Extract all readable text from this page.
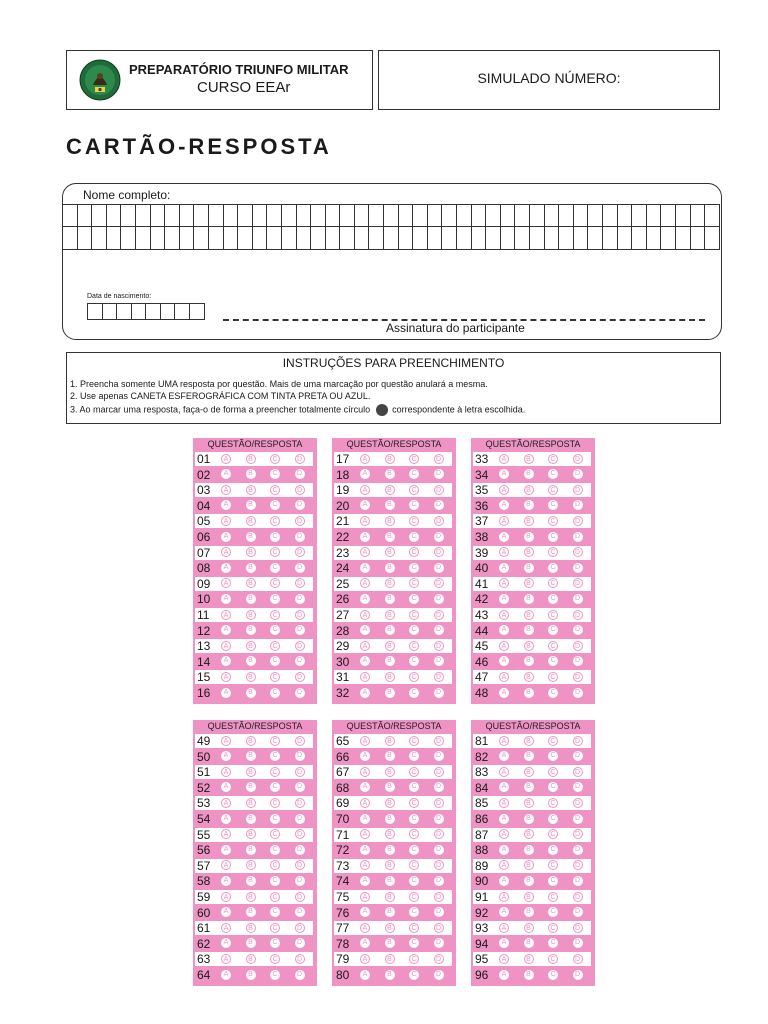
PREPARATÓRIO TRIUNFO MILITAR
CURSO EEAr
SIMULADO NÚMERO:
CARTÃO-RESPOSTA
Nome completo:
Data de nascimento:
Assinatura do participante
INSTRUÇÕES PARA PREENCHIMENTO
1. Preencha somente UMA resposta por questão. Mais de uma marcação por questão anulará a mesma.
2. Use apenas CANETA ESFEROGRÁFICA COM TINTA PRETA OU AZUL.
3. Ao marcar uma resposta, faça-o de forma a preencher totalmente círculo correspondente à letra escolhida.
QUESTÃO/RESPOSTA
01	A	B	C	D
02	A	B	C	D
03	A	B	C	D
04	A	B	C	D
05	A	B	C	D
06	A	B	C	D
07	A	B	C	D
08	A	B	C	D
09	A	B	C	D
10	A	B	C	D
11	A	B	C	D
12	A	B	C	D
13	A	B	C	D
14	A	B	C	D
15	A	B	C	D
16	A	B	C	D
QUESTÃO/RESPOSTA
17	A	B	C	D
18	A	B	C	D
19	A	B	C	D
20	A	B	C	D
21	A	B	C	D
22	A	B	C	D
23	A	B	C	D
24	A	B	C	D
25	A	B	C	D
26	A	B	C	D
27	A	B	C	D
28	A	B	C	D
29	A	B	C	D
30	A	B	C	D
31	A	B	C	D
32	A	B	C	D
QUESTÃO/RESPOSTA
33	A	B	C	D
34	A	B	C	D
35	A	B	C	D
36	A	B	C	D
37	A	B	C	D
38	A	B	C	D
39	A	B	C	D
40	A	B	C	D
41	A	B	C	D
42	A	B	C	D
43	A	B	C	D
44	A	B	C	D
45	A	B	C	D
46	A	B	C	D
47	A	B	C	D
48	A	B	C	D
QUESTÃO/RESPOSTA
49	A	B	C	D
50	A	B	C	D
51	A	B	C	D
52	A	B	C	D
53	A	B	C	D
54	A	B	C	D
55	A	B	C	D
56	A	B	C	D
57	A	B	C	D
58	A	B	C	D
59	A	B	C	D
60	A	B	C	D
61	A	B	C	D
62	A	B	C	D
63	A	B	C	D
64	A	B	C	D
QUESTÃO/RESPOSTA
65	A	B	C	D
66	A	B	C	D
67	A	B	C	D
68	A	B	C	D
69	A	B	C	D
70	A	B	C	D
71	A	B	C	D
72	A	B	C	D
73	A	B	C	D
74	A	B	C	D
75	A	B	C	D
76	A	B	C	D
77	A	B	C	D
78	A	B	C	D
79	A	B	C	D
80	A	B	C	D
QUESTÃO/RESPOSTA
81	A	B	C	D
82	A	B	C	D
83	A	B	C	D
84	A	B	C	D
85	A	B	C	D
86	A	B	C	D
87	A	B	C	D
88	A	B	C	D
89	A	B	C	D
90	A	B	C	D
91	A	B	C	D
92	A	B	C	D
93	A	B	C	D
94	A	B	C	D
95	A	B	C	D
96	A	B	C	D
